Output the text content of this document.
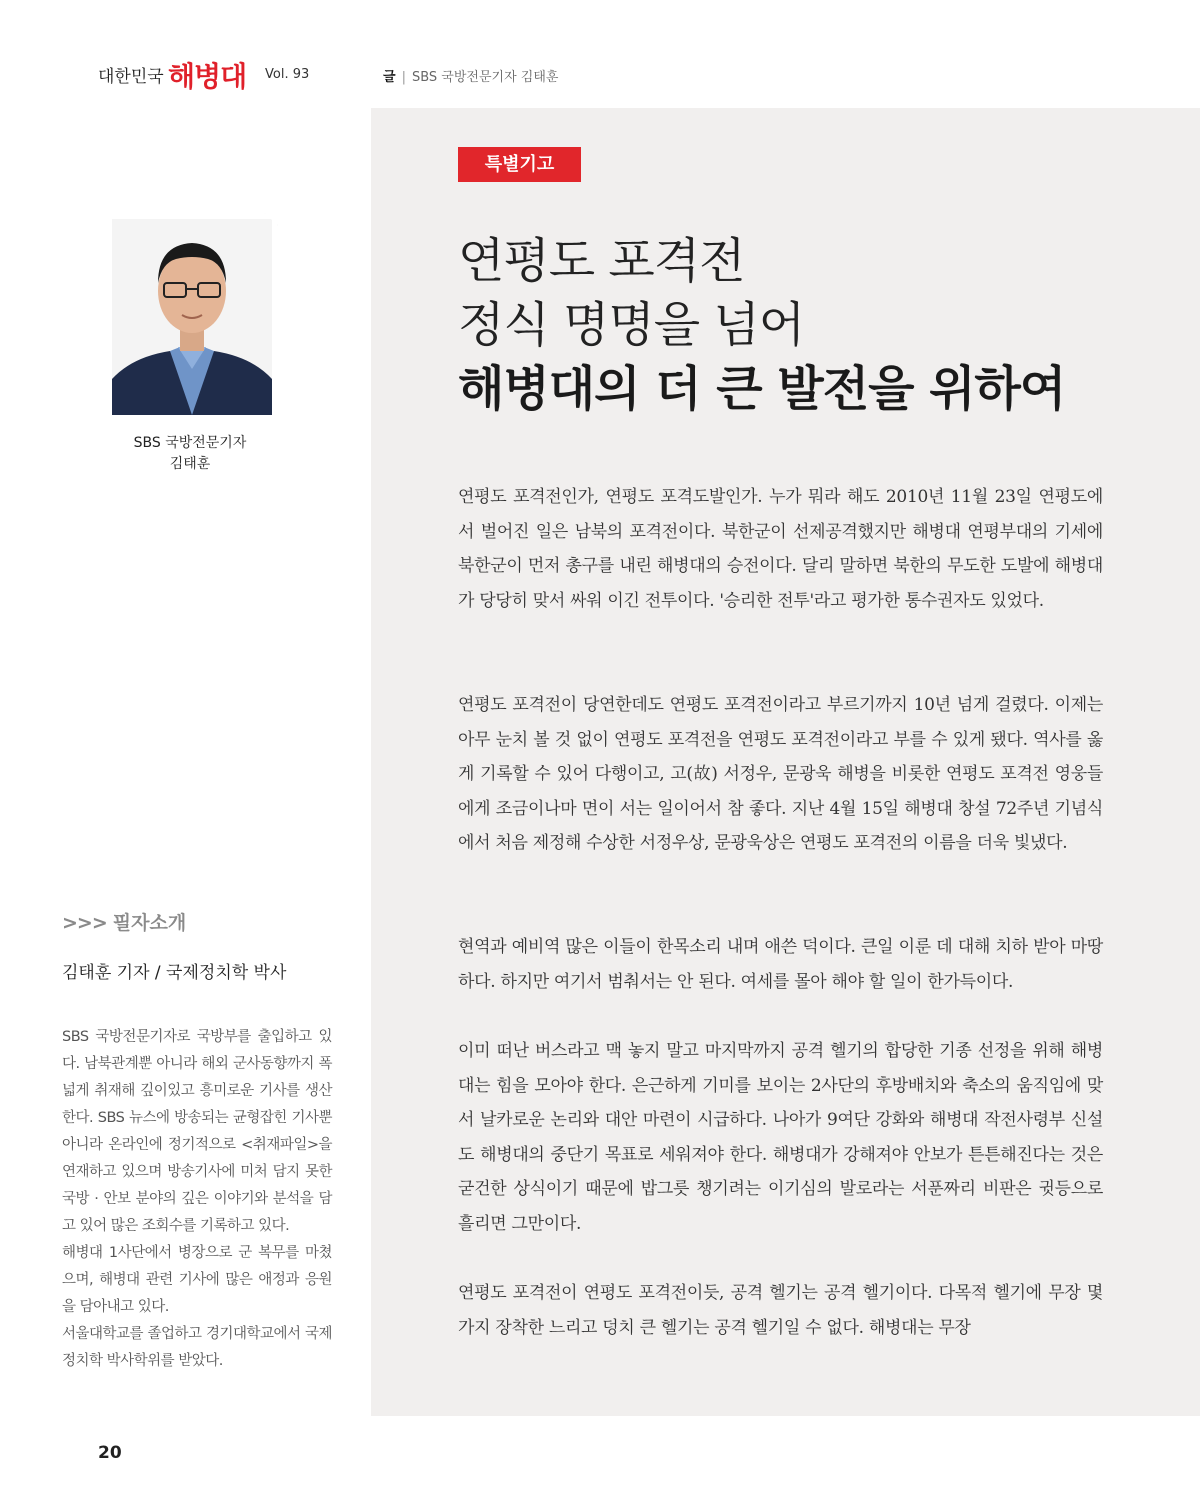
대한민국 해병대 Vol. 93	글 | SBS 국방전문기자 김태훈
특별기고
연평도 포격전
정식 명명을 넘어
해병대의 더 큰 발전을 위하여
연평도 포격전인가, 연평도 포격도발인가. 누가 뭐라 해도 2010년 11월 23일 연평도에서 벌어진 일은 남북의 포격전이다. 북한군이 선제공격했지만 해병대 연평부대의 기세에 북한군이 먼저 총구를 내린 해병대의 승전이다. 달리 말하면 북한의 무도한 도발에 해병대가 당당히 맞서 싸워 이긴 전투이다. '승리한 전투'라고 평가한 통수권자도 있었다.
연평도 포격전이 당연한데도 연평도 포격전이라고 부르기까지 10년 넘게 걸렸다. 이제는 아무 눈치 볼 것 없이 연평도 포격전을 연평도 포격전이라고 부를 수 있게 됐다. 역사를 옳게 기록할 수 있어 다행이고, 고(故) 서정우, 문광욱 해병을 비롯한 연평도 포격전 영웅들에게 조금이나마 면이 서는 일이어서 참 좋다. 지난 4월 15일 해병대 창설 72주년 기념식에서 처음 제정해 수상한 서정우상, 문광욱상은 연평도 포격전의 이름을 더욱 빛냈다.
현역과 예비역 많은 이들이 한목소리 내며 애쓴 덕이다. 큰일 이룬 데 대해 치하 받아 마땅하다. 하지만 여기서 범춰서는 안 된다. 여세를 몰아 해야 할 일이 한가득이다.
이미 떠난 버스라고 맥 놓지 말고 마지막까지 공격 헬기의 합당한 기종 선정을 위해 해병대는 힘을 모아야 한다. 은근하게 기미를 보이는 2사단의 후방배치와 축소의 움직임에 맞서 날카로운 논리와 대안 마련이 시급하다. 나아가 9여단 강화와 해병대 작전사령부 신설도 해병대의 중단기 목표로 세워져야 한다. 해병대가 강해져야 안보가 튼튼해진다는 것은 굳건한 상식이기 때문에 밥그릇 챙기려는 이기심의 발로라는 서푼짜리 비판은 귓등으로 흘리면 그만이다.
연평도 포격전이 연평도 포격전이듯, 공격 헬기는 공격 헬기이다. 다목적 헬기에 무장 몇 가지 장착한 느리고 덩치 큰 헬기는 공격 헬기일 수 없다. 해병대는 무장
SBS 국방전문기자
김태훈
>>> 필자소개
김태훈 기자 / 국제정치학 박사

SBS 국방전문기자로 국방부를 출입하고 있다. 남북관계뿐 아니라 해외 군사동향까지 폭넓게 취재해 깊이있고 흥미로운 기사를 생산한다. SBS 뉴스에 방송되는 균형잡힌 기사뿐 아니라 온라인에 정기적으로 <취재파일>을 연재하고 있으며 방송기사에 미처 담지 못한 국방 · 안보 분야의 깊은 이야기와 분석을 담고 있어 많은 조회수를 기록하고 있다.

해병대 1사단에서 병장으로 군 복무를 마쳤으며, 해병대 관련 기사에 많은 애정과 응원을 담아내고 있다.

서울대학교를 졸업하고 경기대학교에서 국제정치학 박사학위를 받았다.

20
